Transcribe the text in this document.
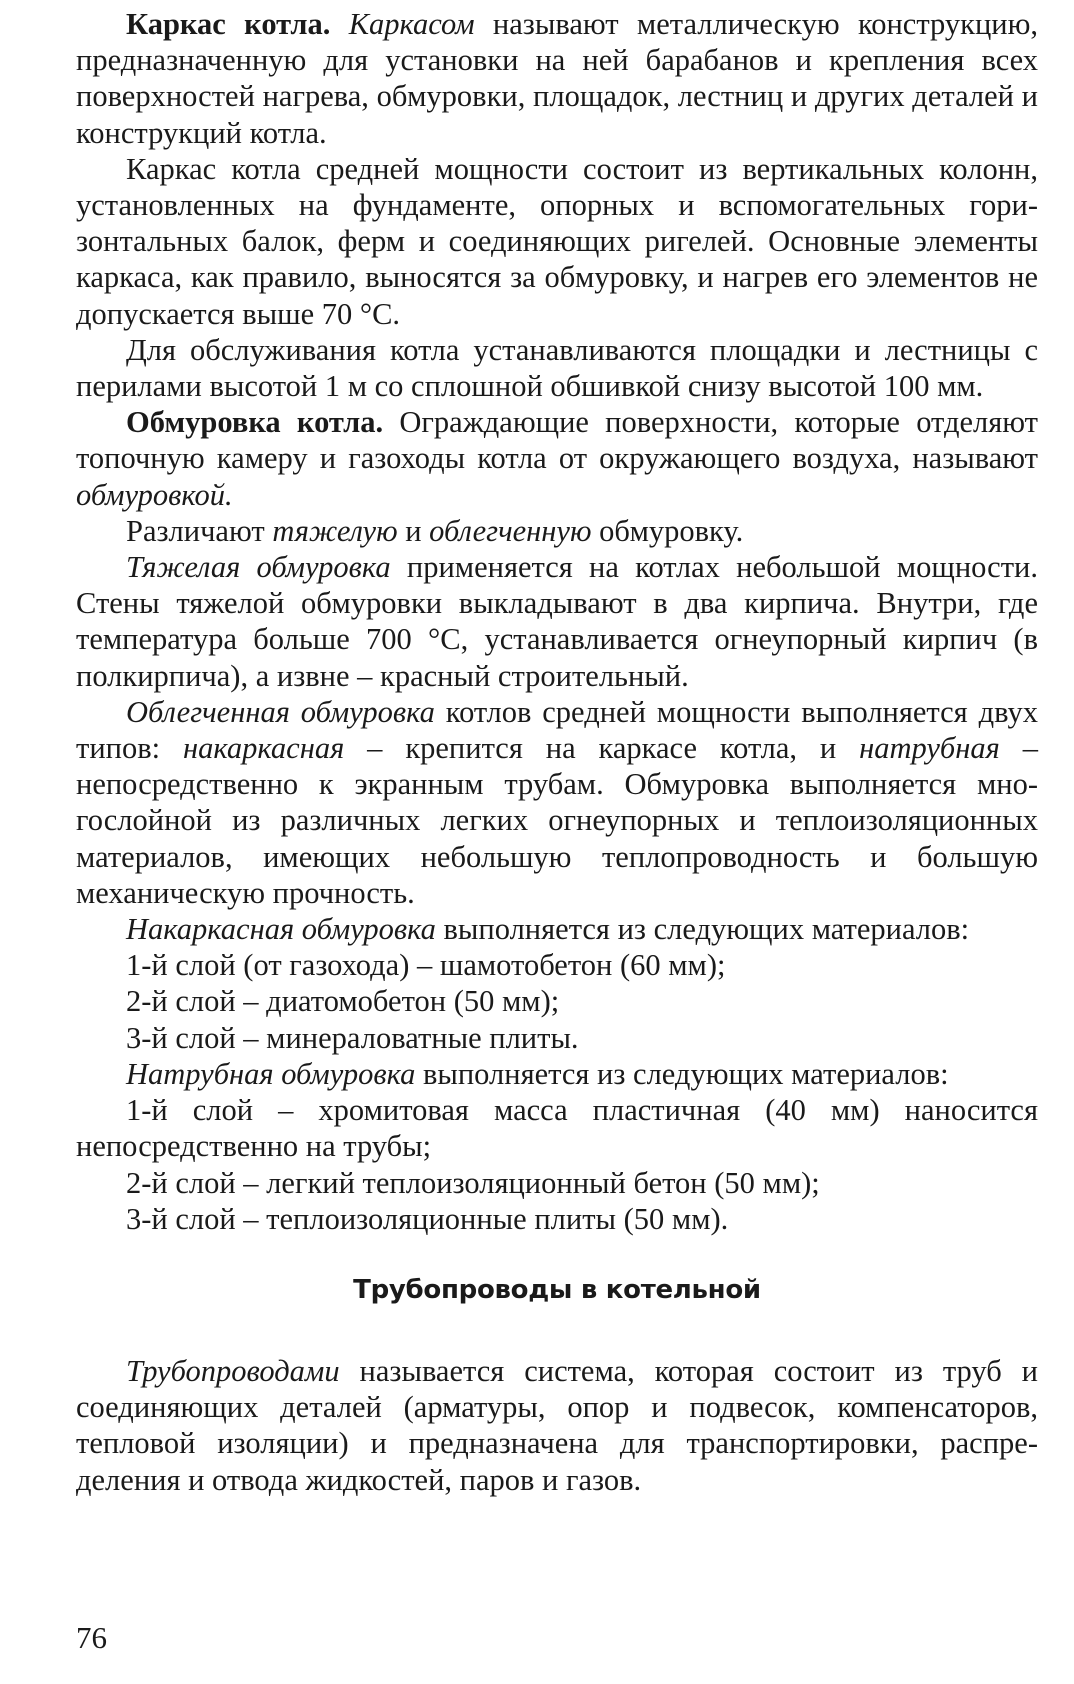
Каркас котла. Каркасом называют металлическую конструкцию, предназначенную для установки на ней барабанов и крепления всех поверхностей нагрева, обмуровки, площадок, лестниц и других деталей и конструкций котла.

Каркас котла средней мощности состоит из вертикальных колонн, установленных на фундаменте, опорных и вспомогательных горизонтальных балок, ферм и соединяющих ригелей. Основные элементы каркаса, как правило, выносятся за обмуровку, и нагрев его элементов не допускается выше 70 °С.

Для обслуживания котла устанавливаются площадки и лестницы с перилами высотой 1 м со сплошной обшивкой снизу высотой 100 мм.

Обмуровка котла. Ограждающие поверхности, которые отделяют топочную камеру и газоходы котла от окружающего воздуха, называют обмуровкой.

Различают тяжелую и облегченную обмуровку.

Тяжелая обмуровка применяется на котлах небольшой мощности. Стены тяжелой обмуровки выкладывают в два кирпича. Внутри, где температура больше 700 °С, устанавливается огнеупорный кирпич (в полкирпича), а извне – красный строительный.

Облегченная обмуровка котлов средней мощности выполняется двух типов: накаркасная – крепится на каркасе котла, и натрубная – непосредственно к экранным трубам. Обмуровка выполняется многослойной из различных легких огнеупорных и теплоизоляционных материалов, имеющих небольшую теплопроводность и большую механическую прочность.

Накаркасная обмуровка выполняется из следующих материалов:

1-й слой (от газохода) – шамотобетон (60 мм);

2-й слой – диатомобетон (50 мм);

3-й слой – минераловатные плиты.

Натрубная обмуровка выполняется из следующих материалов:

1-й слой – хромитовая масса пластичная (40 мм) наносится непосредственно на трубы;

2-й слой – легкий теплоизоляционный бетон (50 мм);

3-й слой – теплоизоляционные плиты (50 мм).

Трубопроводы в котельной

Трубопроводами называется система, которая состоит из труб и соединяющих деталей (арматуры, опор и подвесок, компенсаторов, тепловой изоляции) и предназначена для транспортировки, распределения и отвода жидкостей, паров и газов.

76
